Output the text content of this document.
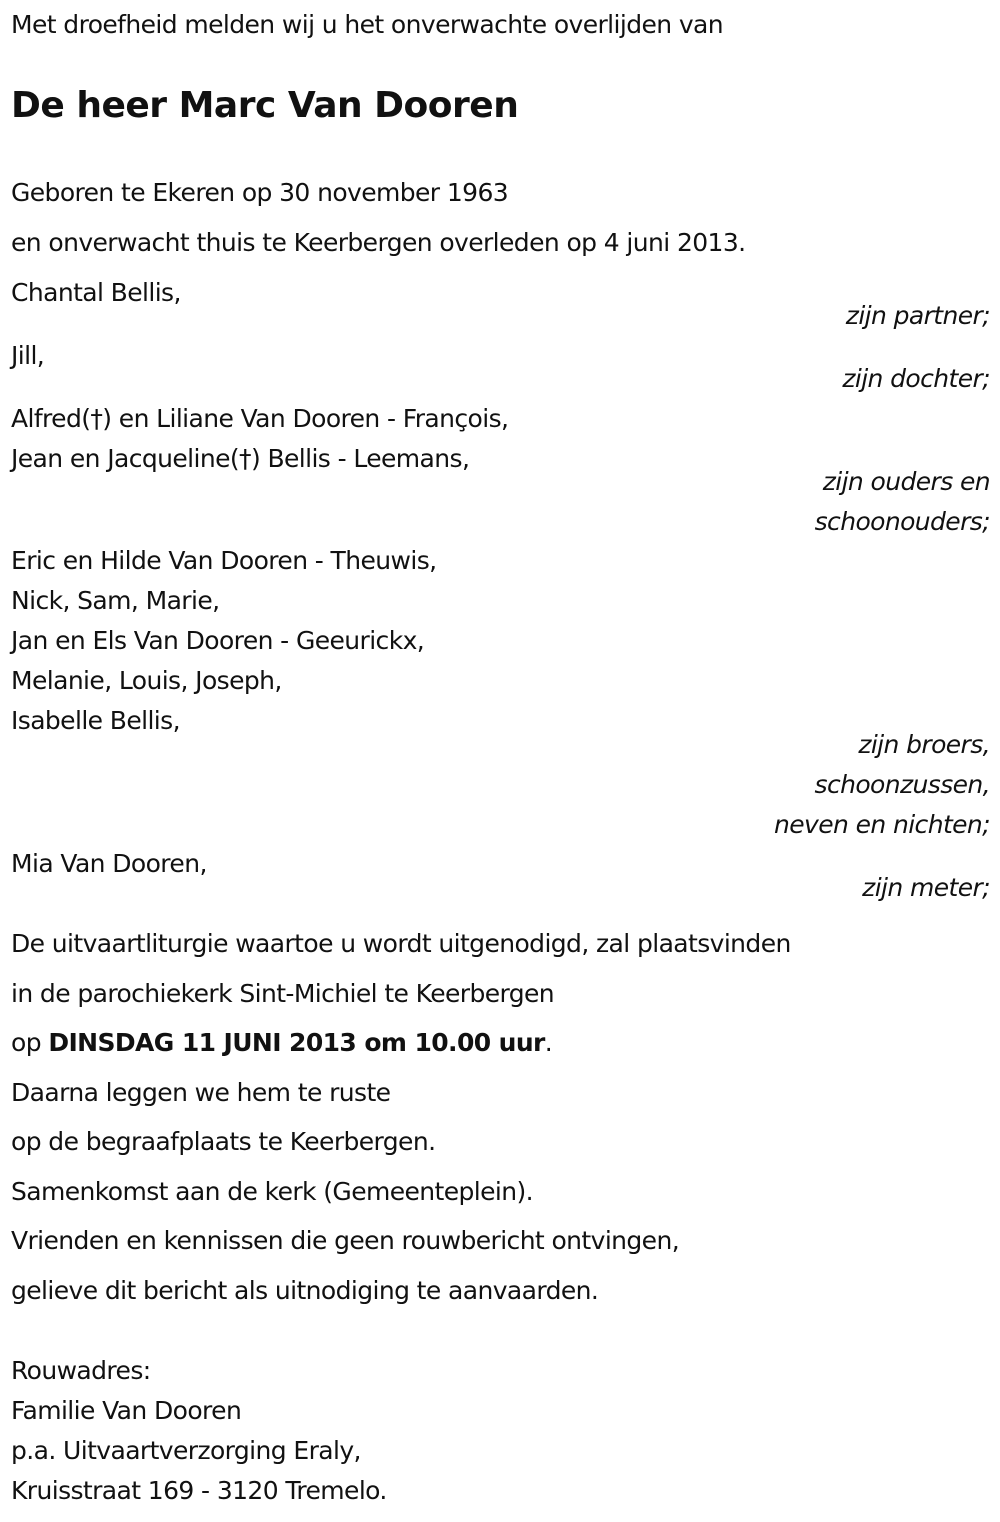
Met droefheid melden wij u het onverwachte overlijden van
De heer Marc Van Dooren
Geboren te Ekeren op 30 november 1963
en onverwacht thuis te Keerbergen overleden op 4 juni 2013.
Chantal Bellis,
zijn partner;
Jill,
zijn dochter;
Alfred(†) en Liliane Van Dooren - François,
Jean en Jacqueline(†) Bellis - Leemans,
zijn ouders en
schoonouders;
Eric en Hilde Van Dooren - Theuwis,
Nick, Sam, Marie,
Jan en Els Van Dooren - Geeurickx,
Melanie, Louis, Joseph,
Isabelle Bellis,
zijn broers,
schoonzussen,
neven en nichten;
Mia Van Dooren,
zijn meter;
De uitvaartliturgie waartoe u wordt uitgenodigd, zal plaatsvinden
in de parochiekerk Sint-Michiel te Keerbergen
op DINSDAG 11 JUNI 2013 om 10.00 uur.
Daarna leggen we hem te ruste
op de begraafplaats te Keerbergen.
Samenkomst aan de kerk (Gemeenteplein).
Vrienden en kennissen die geen rouwbericht ontvingen,
gelieve dit bericht als uitnodiging te aanvaarden.
Rouwadres:
Familie Van Dooren
p.a. Uitvaartverzorging Eraly,
Kruisstraat 169 - 3120 Tremelo.
